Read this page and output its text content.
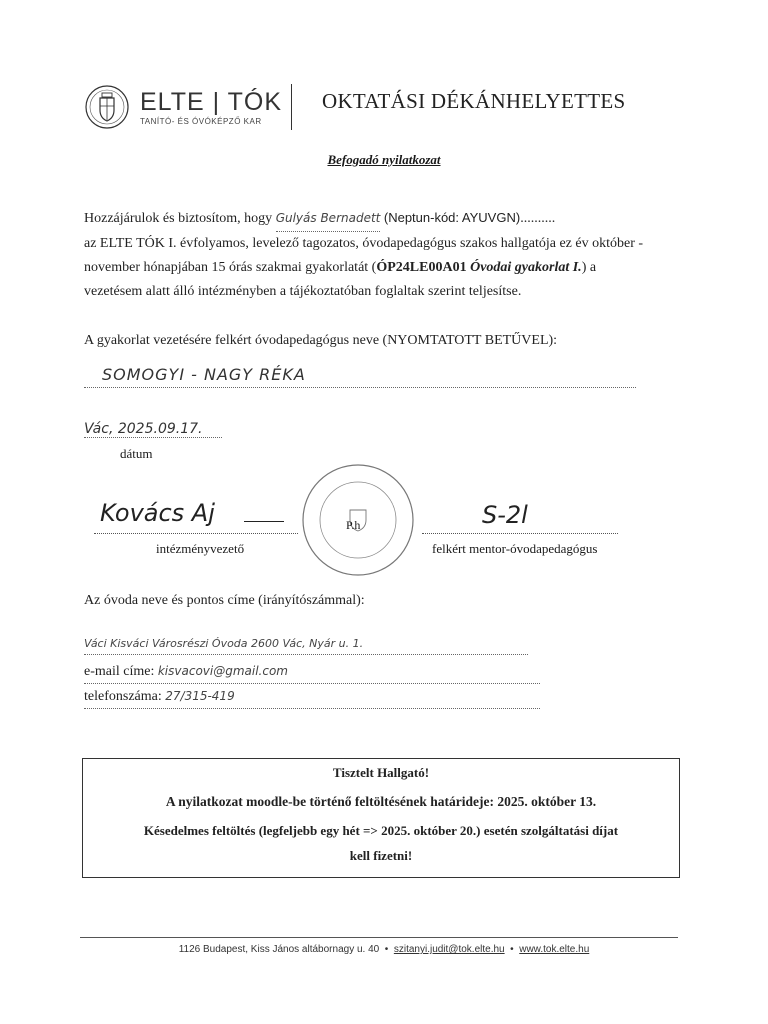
ELTE | TÓK
TANÍTÓ- ÉS ÓVÓKÉPZŐ KAR
OKTATÁSI DÉKÁNHELYETTES
Befogadó nyilatkozat
Hozzájárulok és biztosítom, hogy Gulyás Bernadett (Neptun-kód: AYUVGN)..........
az ELTE TÓK I. évfolyamos, levelező tagozatos, óvodapedagógus szakos hallgatója ez év október -
november hónapjában 15 órás szakmai gyakorlatát (ÓP24LE00A01 Óvodai gyakorlat I.) a
vezetésem alatt álló intézményben a tájékoztatóban foglaltak szerint teljesítse.
A gyakorlat vezetésére felkért óvodapedagógus neve (NYOMTATOTT BETŰVEL):
SOMOGYI - NAGY RÉKA
Vác, 2025.09.17.
dátum
Kovács Aj
intézményvezető
P.h	S-2l
felkért mentor-óvodapedagógus
Az óvoda neve és pontos címe (irányítószámmal):
Váci Kisváci Városrészi Óvoda 2600 Vác, Nyár u. 1.
e-mail címe: kisvacovi@gmail.com
telefonszáma: 27/315-419
Tisztelt Hallgató!
A nyilatkozat moodle-be történő feltöltésének határideje: 2025. október 13.
Késedelmes feltöltés (legfeljebb egy hét => 2025. október 20.) esetén szolgáltatási díjat
kell fizetni!
1126 Budapest, Kiss János altábornagy u. 40  •  szitanyi.judit@tok.elte.hu  •  www.tok.elte.hu
